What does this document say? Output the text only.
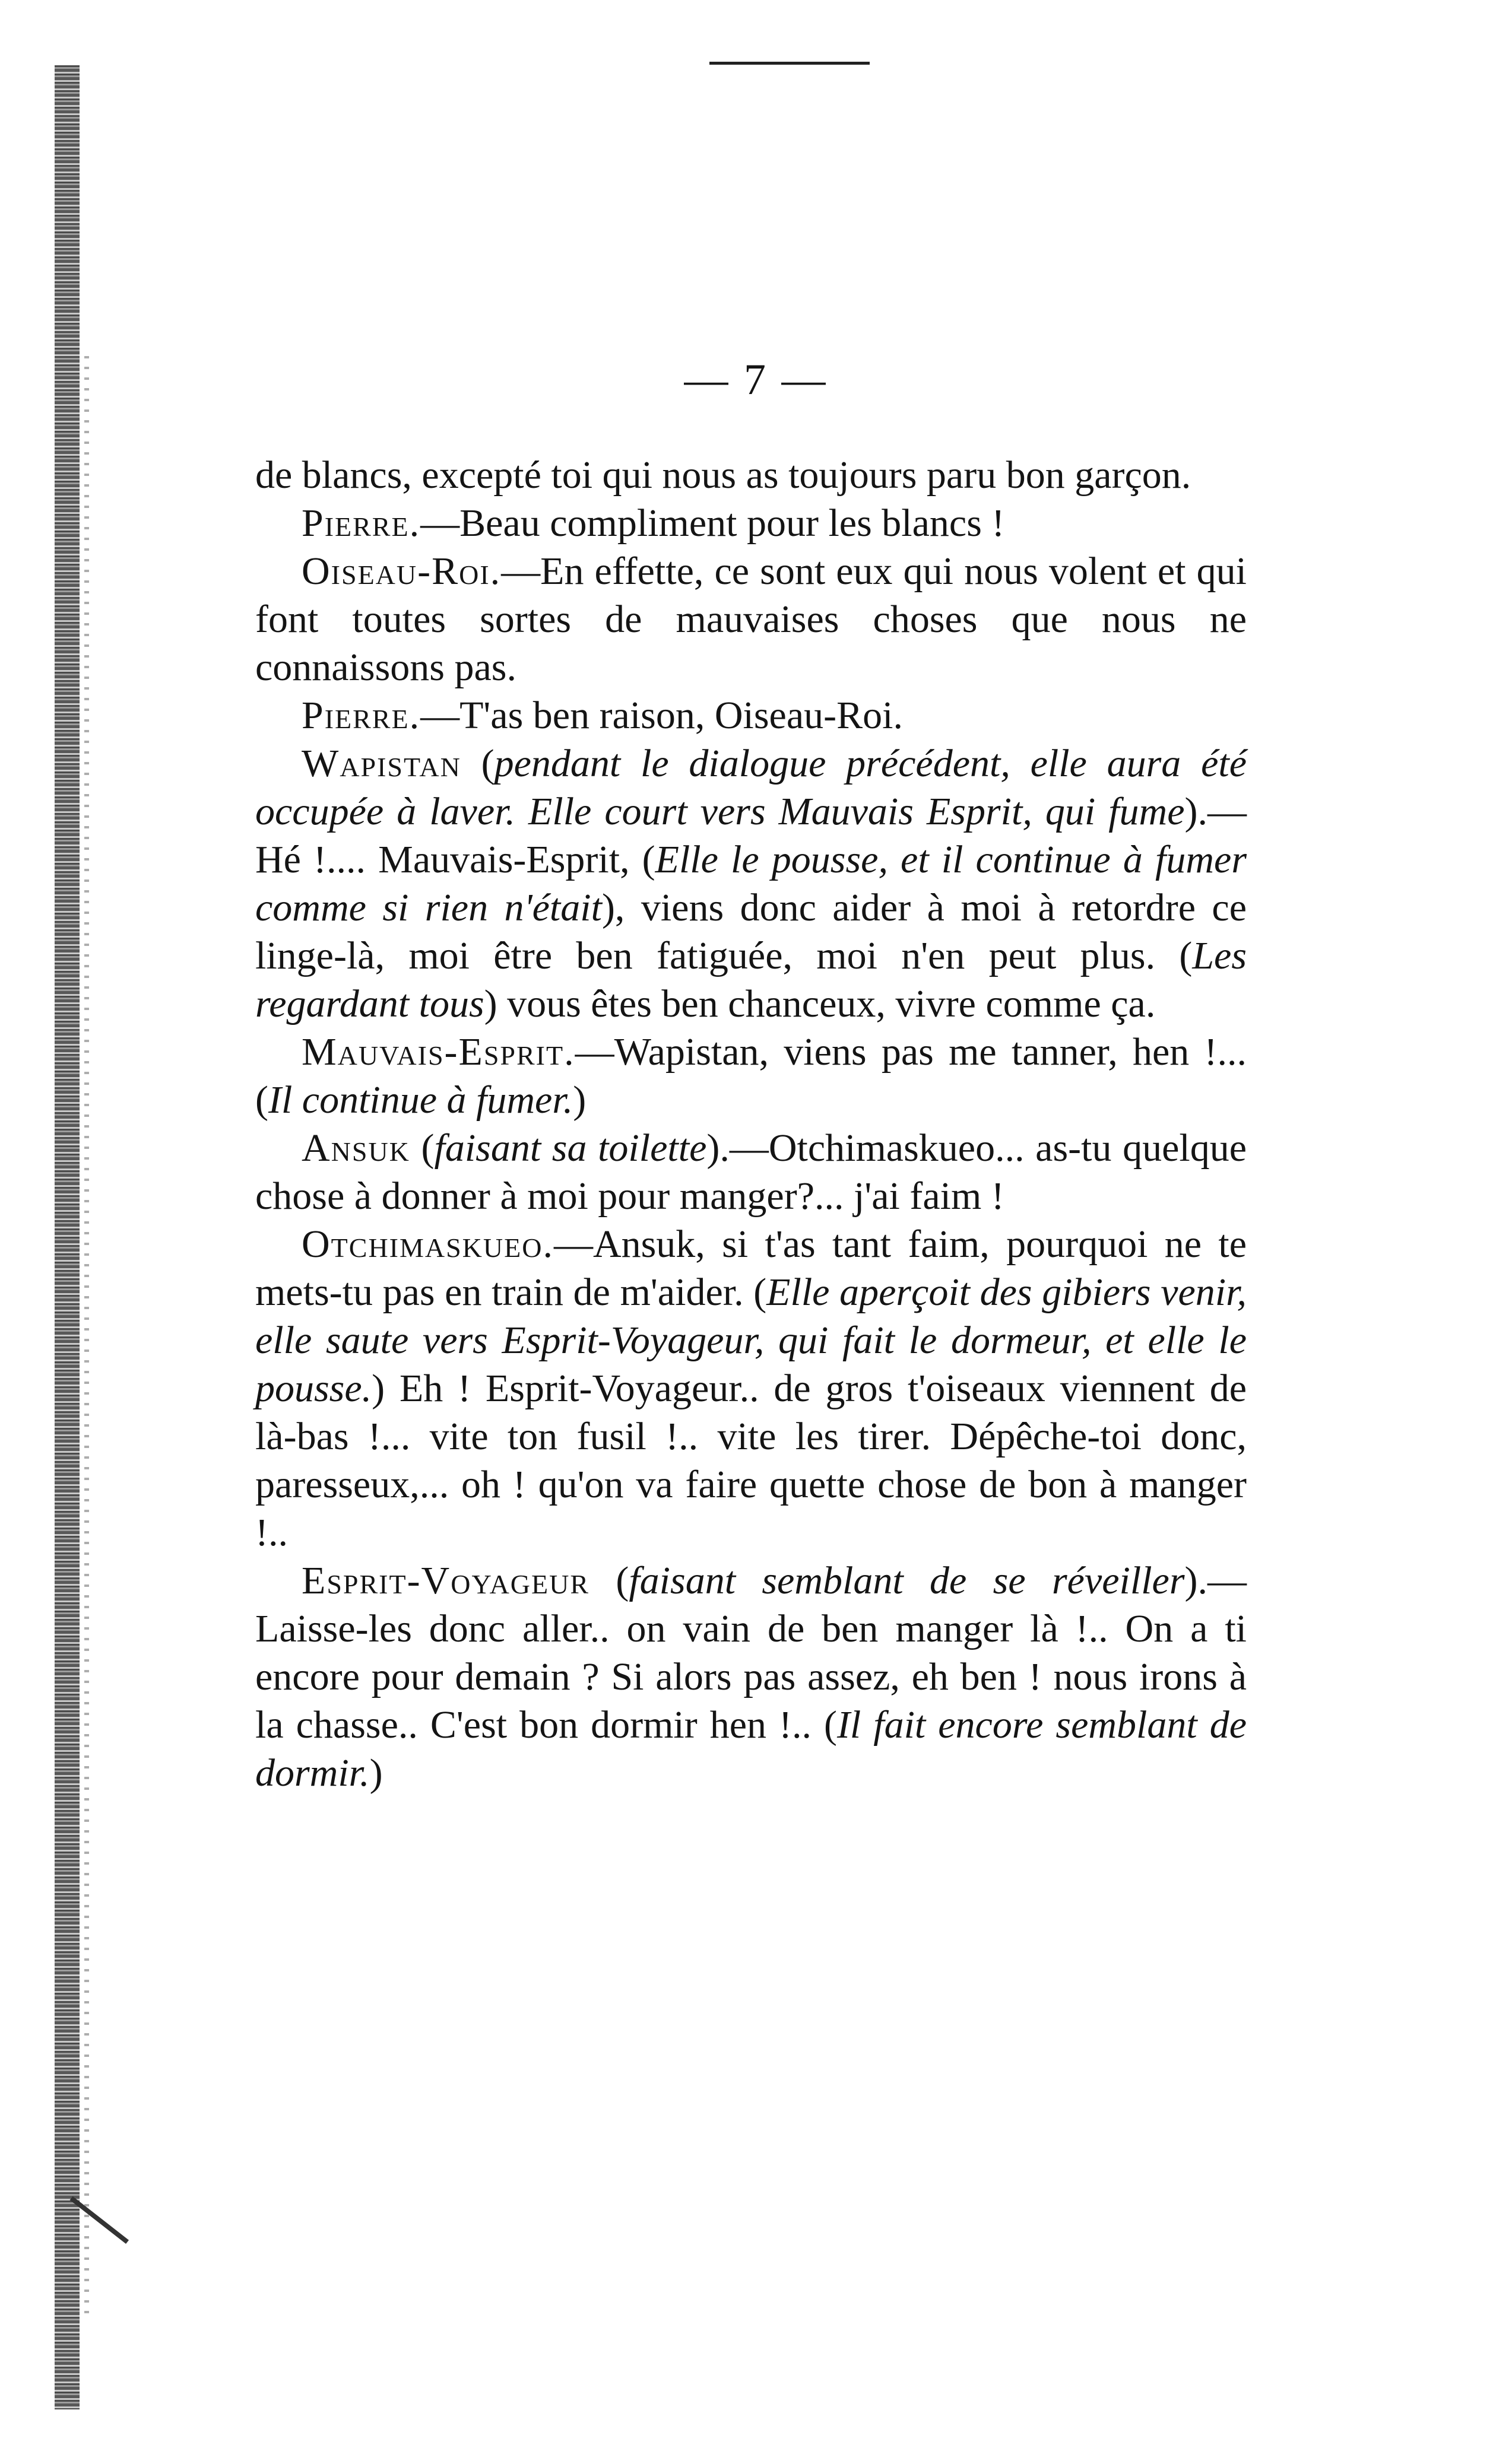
— 7 —

de blancs, excepté toi qui nous as toujours paru bon garçon.

Pierre.—Beau compliment pour les blancs !

Oiseau-Roi.—En effette, ce sont eux qui nous volent et qui font toutes sortes de mauvaises choses que nous ne connaissons pas.

Pierre.—T'as ben raison, Oiseau-Roi.

Wapistan (pendant le dialogue précédent, elle aura été occupée à laver. Elle court vers Mauvais Esprit, qui fume).—Hé !.... Mauvais-Esprit, (Elle le pousse, et il continue à fumer comme si rien n'était), viens donc aider à moi à retordre ce linge-là, moi être ben fatiguée, moi n'en peut plus. (Les regardant tous) vous êtes ben chanceux, vivre comme ça.

Mauvais-Esprit.—Wapistan, viens pas me tanner, hen !... (Il continue à fumer.)

Ansuk (faisant sa toilette).—Otchimaskueo... as-tu quelque chose à donner à moi pour manger?... j'ai faim !

Otchimaskueo.—Ansuk, si t'as tant faim, pourquoi ne te mets-tu pas en train de m'aider. (Elle aperçoit des gibiers venir, elle saute vers Esprit-Voyageur, qui fait le dormeur, et elle le pousse.) Eh ! Esprit-Voyageur.. de gros t'oiseaux viennent de là-bas !... vite ton fusil !.. vite les tirer. Dépêche-toi donc, paresseux,... oh ! qu'on va faire quette chose de bon à manger !..

Esprit-Voyageur (faisant semblant de se réveiller).—Laisse-les donc aller.. on vain de ben manger là !.. On a ti encore pour demain ? Si alors pas assez, eh ben ! nous irons à la chasse.. C'est bon dormir hen !.. (Il fait encore semblant de dormir.)
